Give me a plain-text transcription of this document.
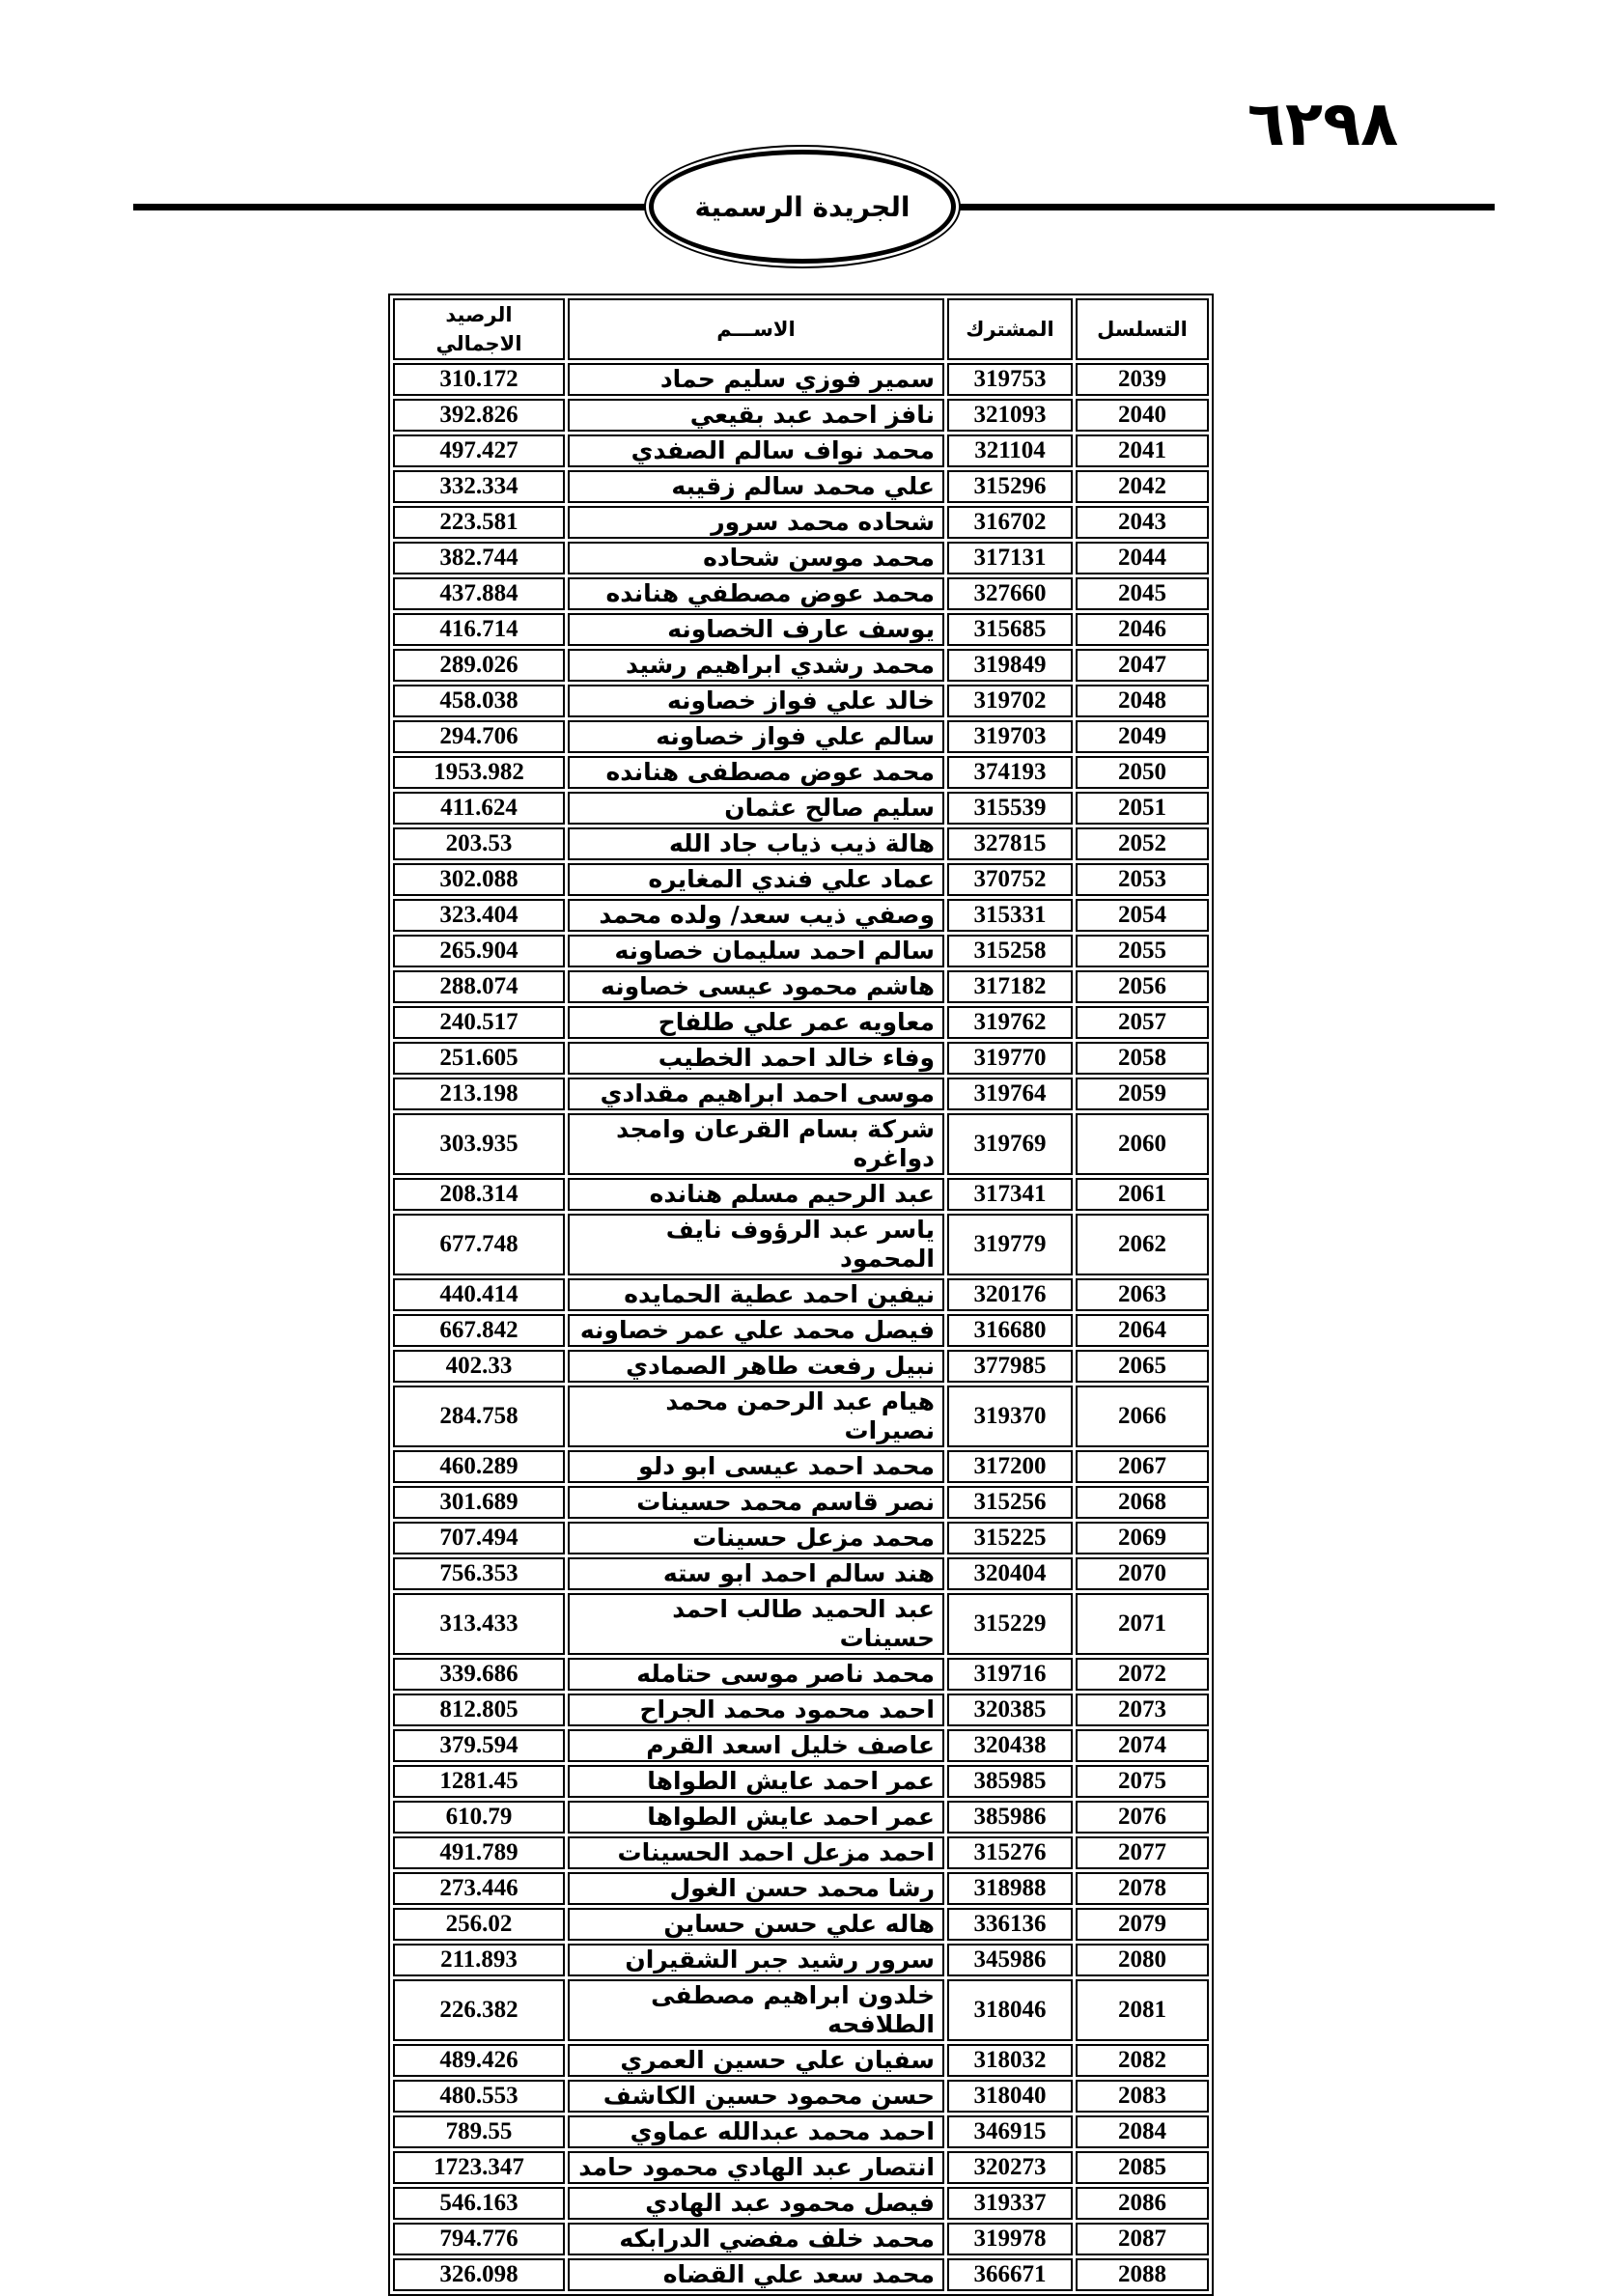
٦٢٩٨
الجريدة الرسمية
التسلسل	المشترك	الاســـم	الرصيد الاجمالي
2039	319753	سمير فوزي سليم حماد	310.172
2040	321093	نافز احمد عبد بقيعي	392.826
2041	321104	محمد نواف سالم الصفدي	497.427
2042	315296	علي محمد سالم زقيبه	332.334
2043	316702	شحاده محمد سرور	223.581
2044	317131	محمد موسن شحاده	382.744
2045	327660	محمد عوض مصطفي هنانده	437.884
2046	315685	يوسف عارف الخصاونه	416.714
2047	319849	محمد رشدي ابراهيم رشيد	289.026
2048	319702	خالد علي فواز خصاونه	458.038
2049	319703	سالم علي فواز خصاونه	294.706
2050	374193	محمد عوض مصطفى هنانده	1953.982
2051	315539	سليم صالح عثمان	411.624
2052	327815	هالة ذيب ذياب جاد الله	203.53
2053	370752	عماد علي فندي المغايره	302.088
2054	315331	وصفي ذيب سعد/ ولده محمد	323.404
2055	315258	سالم احمد سليمان خصاونه	265.904
2056	317182	هاشم محمود عيسى خصاونه	288.074
2057	319762	معاويه عمر علي طلفاح	240.517
2058	319770	وفاء خالد احمد الخطيب	251.605
2059	319764	موسى احمد ابراهيم مقدادي	213.198
2060	319769	شركة بسام القرعان وامجد دواغره	303.935
2061	317341	عبد الرحيم مسلم هنانده	208.314
2062	319779	ياسر عبد الرؤوف نايف المحمود	677.748
2063	320176	نيفين احمد عطية الحمايده	440.414
2064	316680	فيصل محمد علي عمر خصاونه	667.842
2065	377985	نبيل رفعت طاهر الصمادي	402.33
2066	319370	هيام عبد الرحمن محمد نصيرات	284.758
2067	317200	محمد احمد عيسى ابو دلو	460.289
2068	315256	نصر قاسم محمد حسينات	301.689
2069	315225	محمد مزعل حسينات	707.494
2070	320404	هند سالم احمد ابو سته	756.353
2071	315229	عبد الحميد طالب احمد حسينات	313.433
2072	319716	محمد ناصر موسى حتامله	339.686
2073	320385	احمد محمود محمد الجراح	812.805
2074	320438	عاصف خليل اسعد القرم	379.594
2075	385985	عمر احمد عايش الطواها	1281.45
2076	385986	عمر احمد عايش الطواها	610.79
2077	315276	احمد مزعل احمد الحسينات	491.789
2078	318988	رشا محمد حسن الغول	273.446
2079	336136	هاله علي حسن حساين	256.02
2080	345986	سرور رشيد جبر الشقيران	211.893
2081	318046	خلدون ابراهيم مصطفى الطلافحه	226.382
2082	318032	سفيان علي حسين العمري	489.426
2083	318040	حسن محمود حسين الكاشف	480.553
2084	346915	احمد محمد عبدالله عماوي	789.55
2085	320273	انتصار عبد الهادي محمود حامد	1723.347
2086	319337	فيصل محمود عبد الهادي	546.163
2087	319978	محمد خلف مفضي الدرابكه	794.776
2088	366671	محمد سعد علي القضاه	326.098
